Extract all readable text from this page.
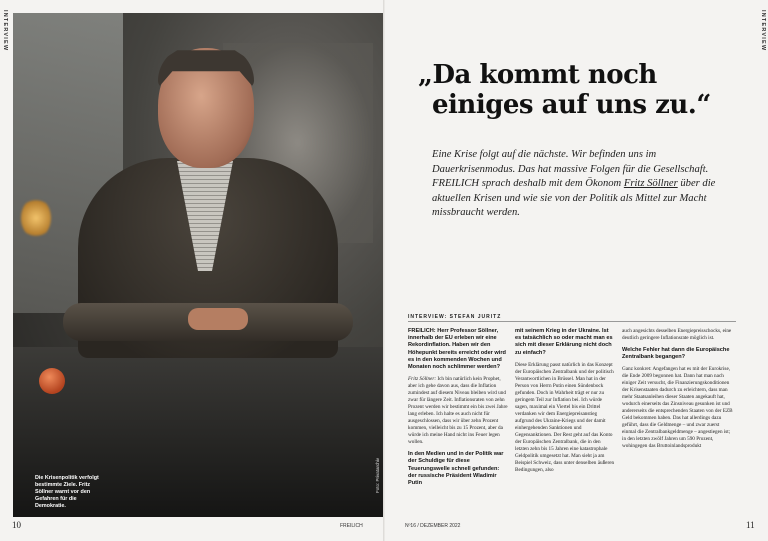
INTERVIEW	INTERVIEW
Die Krisenpolitik verfolgt bestimmte Ziele. Fritz Söllner warnt vor den Gefahren für die Demokratie.
Foto: Privatarchiv
„Da kommt noch
einiges auf uns zu.“
Eine Krise folgt auf die nächste. Wir befinden uns im Dauerkrisenmodus. Das hat massive Folgen für die Gesellschaft. FREILICH sprach deshalb mit dem Ökonom Fritz Söllner über die aktuellen Krisen und wie sie von der Politik als Mittel zur Macht missbraucht werden.
INTERVIEW: STEFAN JURITZ

FREILICH: Herr Professor Söllner, innerhalb der EU erleben wir eine Rekordinflation. Haben wir den Höhepunkt bereits erreicht oder wird es in den kommenden Wochen und Monaten noch schlimmer werden?

Fritz Söllner: Ich bin natürlich kein Prophet, aber ich gehe davon aus, dass die Inflation zumindest auf diesem Niveau bleiben wird und zwar für längere Zeit. Inflationsraten von zehn Prozent werden wir bestimmt ein bis zwei Jahre lang erleben. Ich halte es auch nicht für ausgeschlossen, dass wir über zehn Prozent kommen, vielleicht bis zu 15 Prozent, aber da würde ich meine Hand nicht ins Feuer legen wollen.

In den Medien und in der Politik war der Schuldige für diese Teuerungswelle schnell gefunden: der russische Präsident Wladimir Putin

mit seinem Krieg in der Ukraine. Ist es tatsächlich so oder macht man es sich mit dieser Erklärung nicht doch zu einfach?

Diese Erklärung passt natürlich in das Konzept der Europäischen Zentralbank und der politisch Verantwortlichen in Brüssel. Man hat in der Person von Herrn Putin einen Sündenbock gefunden. Doch in Wahrheit trägt er nur zu geringem Teil zur Inflation bei. Ich würde sagen, maximal ein Viertel bis ein Drittel verdanken wir dem Energiepreisanstieg aufgrund des Ukraine-Kriegs und der damit einhergehenden Sanktionen und Gegensanktionen. Der Rest geht auf das Konto der Europäischen Zentralbank, die in den letzten zehn bis 15 Jahren eine katastrophale Geldpolitik umgesetzt hat. Man sieht ja am Beispiel Schweiz, dass unter denselben äußeren Bedingungen, also

auch angesichts desselben Energiepreisschocks, eine deutlich geringere Inflationsrate möglich ist.

Welche Fehler hat dann die Europäische Zentralbank begangen?

Ganz konkret: Angefangen hat es mit der Eurokrise, die Ende 2009 begonnen hat. Dann hat man nach einiger Zeit versucht, die Finanzierungskonditionen der Krisenstaaten dadurch zu erleichtern, dass man mehr Staatsanleihen dieser Staaten angekauft hat, wodurch einerseits das Zinsniveau gesunken ist und andererseits die entsprechenden Staaten von der EZB Geld bekommen haben. Das hat allerdings dazu geführt, dass die Geldmenge – und zwar zuerst einmal die Zentralbankgeldmenge – angestiegen ist; in den letzten zwölf Jahren um 590 Prozent, wohingegen das Bruttoinlandsprodukt

10	FREILICH	Nº16 / DEZEMBER 2022	11
